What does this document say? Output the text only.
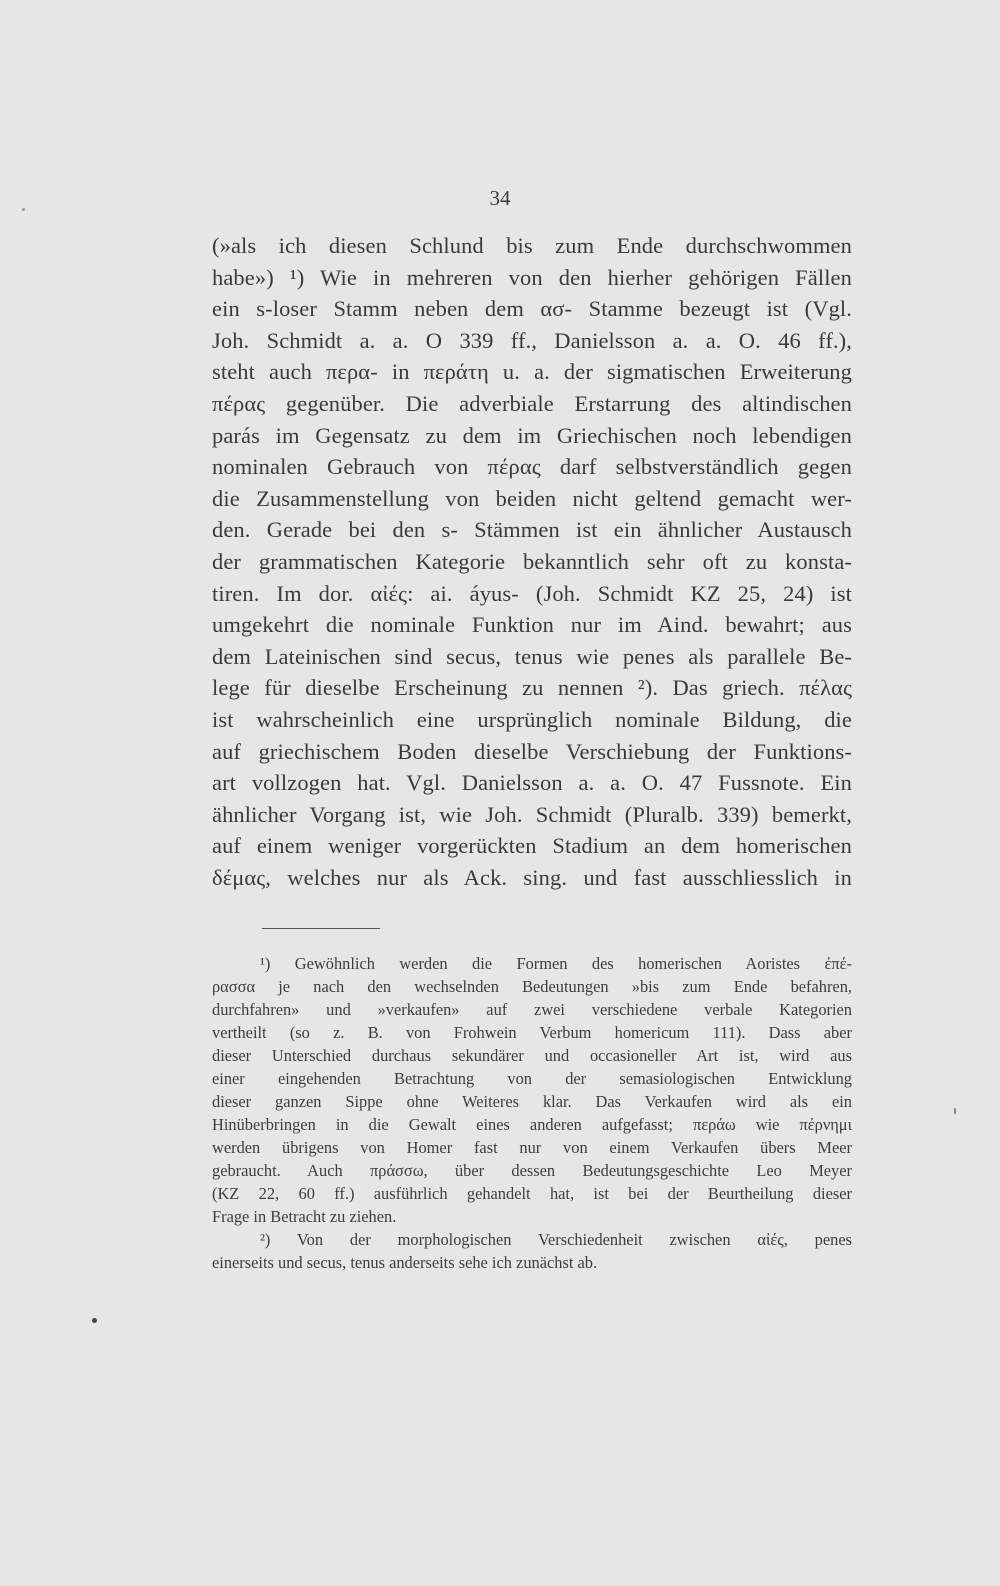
34
(»als ich diesen Schlund bis zum Ende durchschwommen
habe») ¹) Wie in mehreren von den hierher gehörigen Fällen
ein s-loser Stamm neben dem ασ- Stamme bezeugt ist (Vgl.
Joh. Schmidt a. a. O 339 ff., Danielsson a. a. O. 46 ff.),
steht auch περα- in περάτη u. a. der sigmatischen Erweiterung
πέρας gegenüber. Die adverbiale Erstarrung des altindischen
parás im Gegensatz zu dem im Griechischen noch lebendigen
nominalen Gebrauch von πέρας darf selbstverständlich gegen
die Zusammenstellung von beiden nicht geltend gemacht wer-
den. Gerade bei den s- Stämmen ist ein ähnlicher Austausch
der grammatischen Kategorie bekanntlich sehr oft zu konsta-
tiren. Im dor. αἰές: ai. áyus- (Joh. Schmidt KZ 25, 24) ist
umgekehrt die nominale Funktion nur im Aind. bewahrt; aus
dem Lateinischen sind secus, tenus wie penes als parallele Be-
lege für dieselbe Erscheinung zu nennen ²). Das griech. πέλας
ist wahrscheinlich eine ursprünglich nominale Bildung, die
auf griechischem Boden dieselbe Verschiebung der Funktions-
art vollzogen hat. Vgl. Danielsson a. a. O. 47 Fussnote. Ein
ähnlicher Vorgang ist, wie Joh. Schmidt (Pluralb. 339) bemerkt,
auf einem weniger vorgerückten Stadium an dem homerischen
δέμας, welches nur als Ack. sing. und fast ausschliesslich in
¹) Gewöhnlich werden die Formen des homerischen Aoristes ἐπέ-
ρασσα je nach den wechselnden Bedeutungen »bis zum Ende befahren,
durchfahren» und »verkaufen» auf zwei verschiedene verbale Kategorien
vertheilt (so z. B. von Frohwein Verbum homericum 111). Dass aber
dieser Unterschied durchaus sekundärer und occasioneller Art ist, wird aus
einer eingehenden Betrachtung von der semasiologischen Entwicklung
dieser ganzen Sippe ohne Weiteres klar. Das Verkaufen wird als ein
Hinüberbringen in die Gewalt eines anderen aufgefasst; περάω wie πέρνημι
werden übrigens von Homer fast nur von einem Verkaufen übers Meer
gebraucht. Auch πράσσω, über dessen Bedeutungsgeschichte Leo Meyer
(KZ 22, 60 ff.) ausführlich gehandelt hat, ist bei der Beurtheilung dieser
Frage in Betracht zu ziehen.
²) Von der morphologischen Verschiedenheit zwischen αἰές, penes
einerseits und secus, tenus anderseits sehe ich zunächst ab.
